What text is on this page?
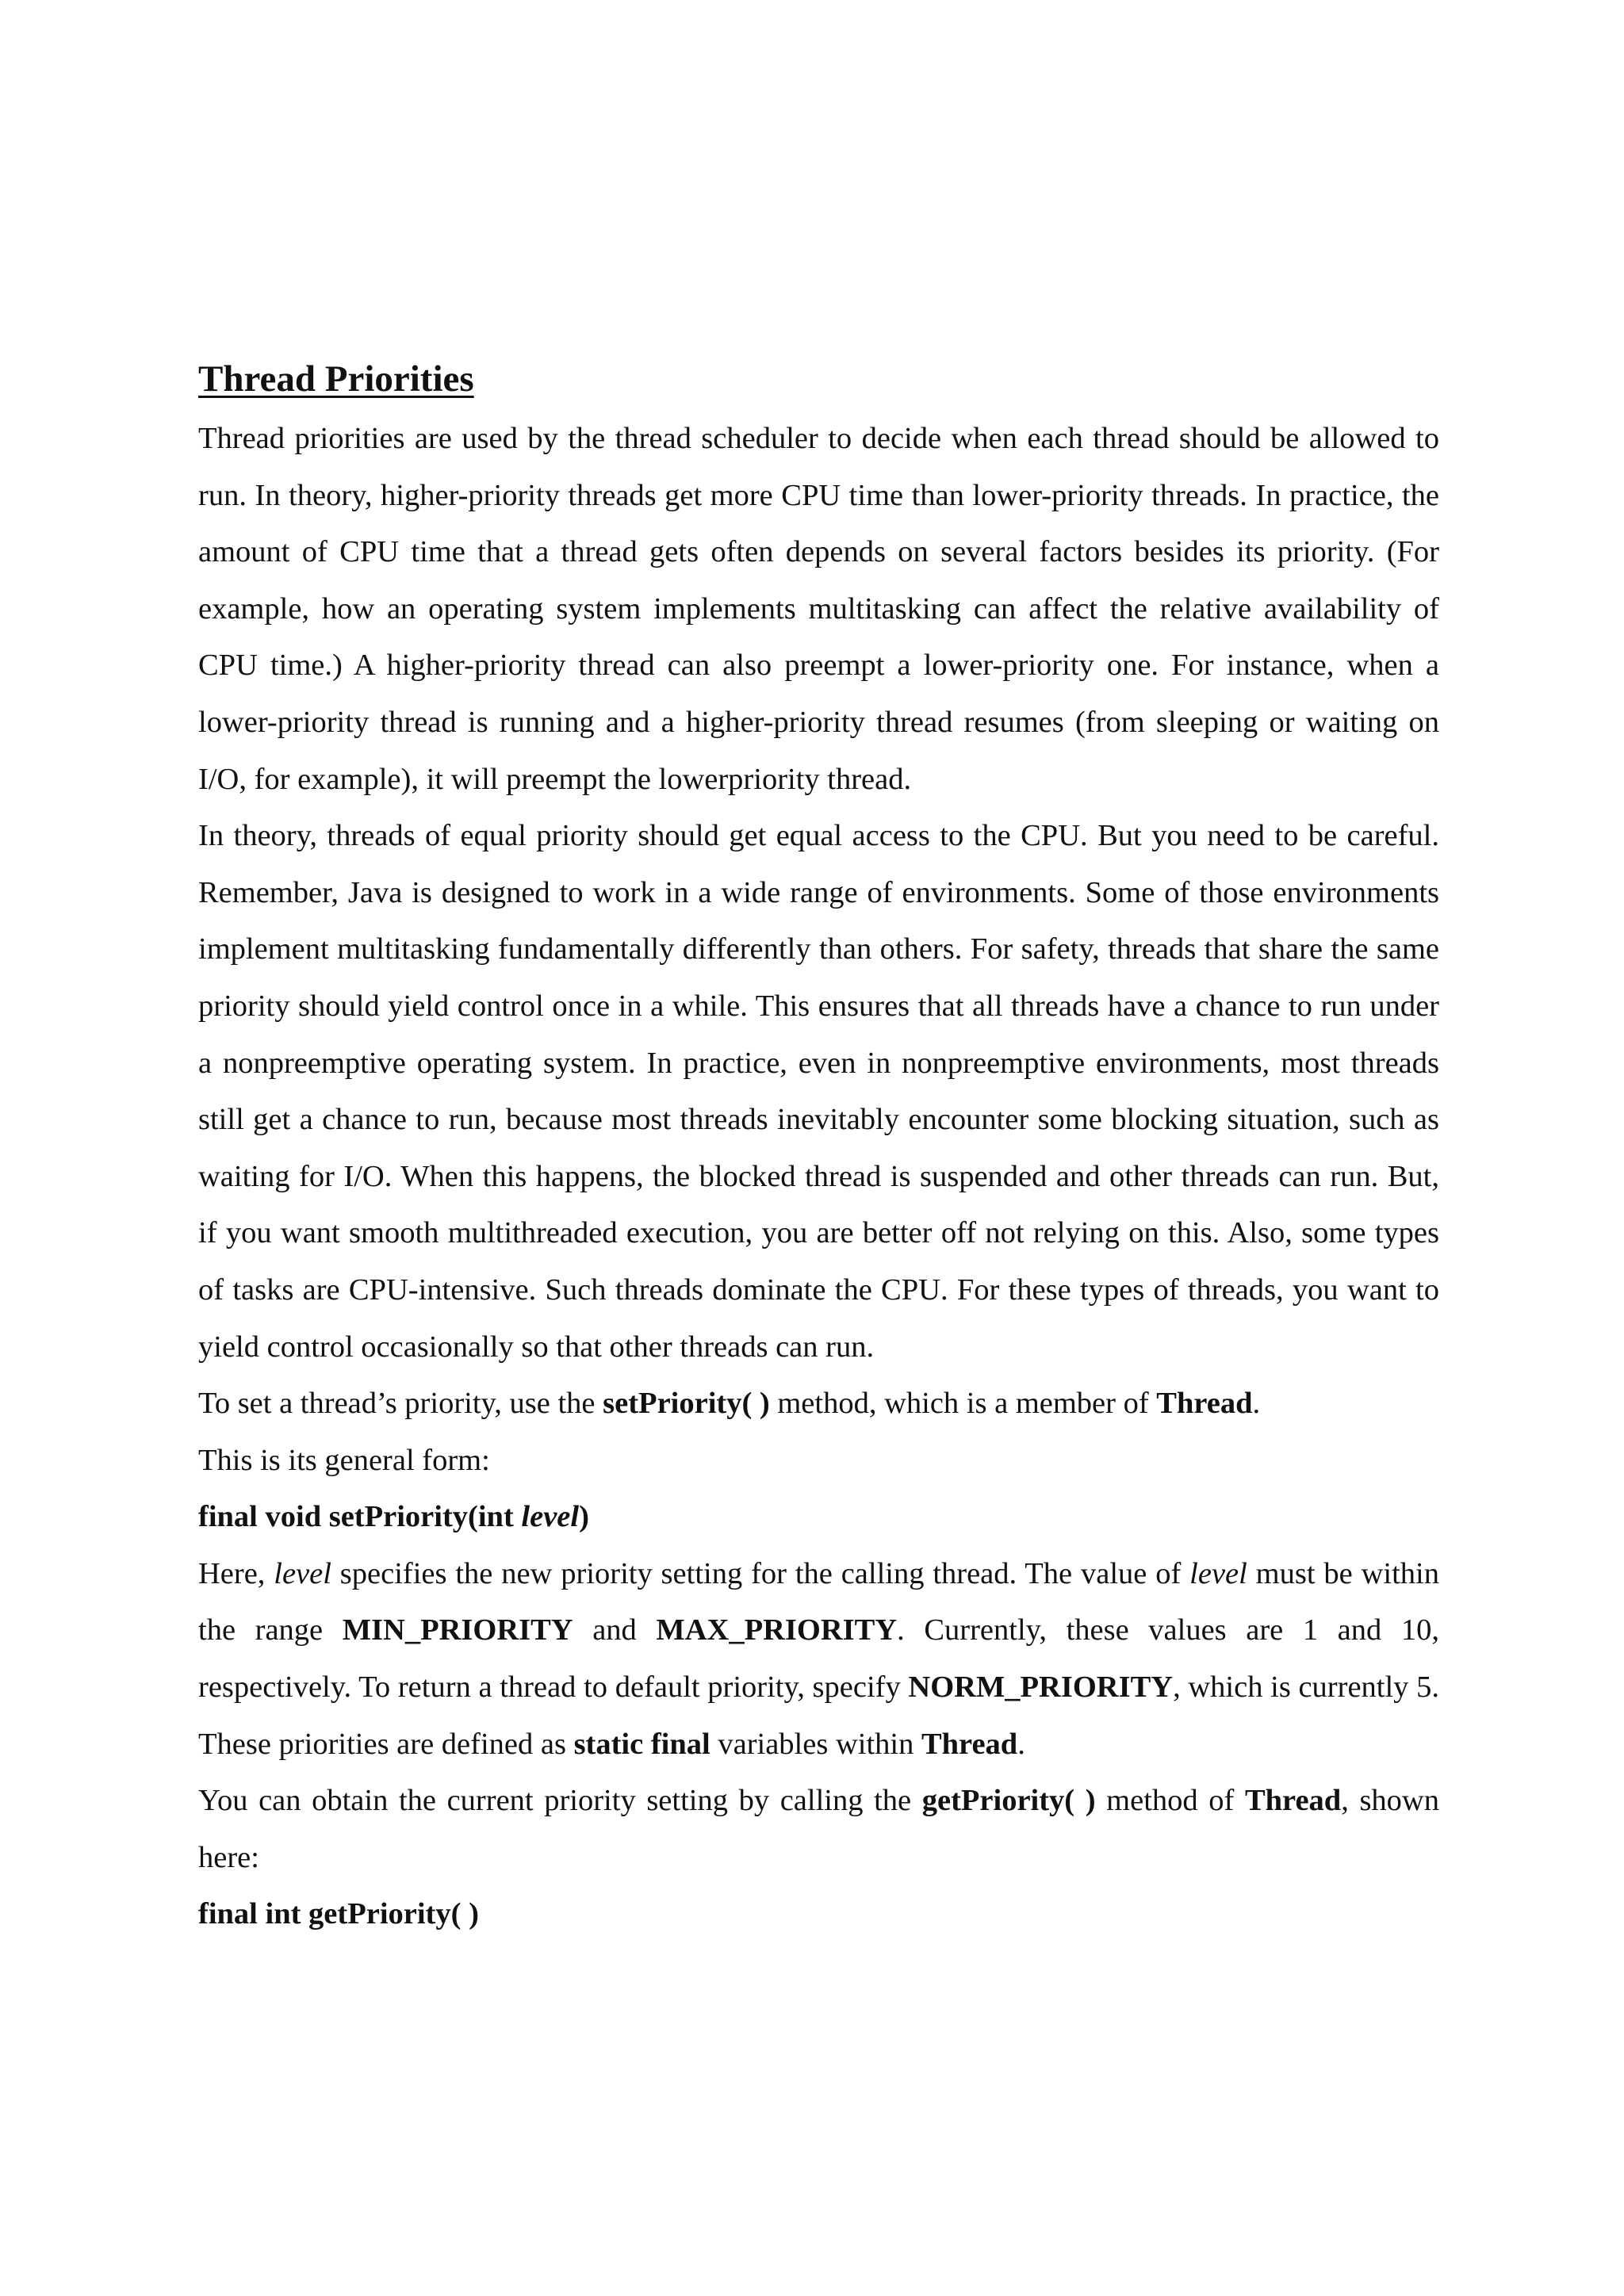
Thread Priorities

Thread priorities are used by the thread scheduler to decide when each thread should be allowed to run. In theory, higher-priority threads get more CPU time than lower-priority threads. In practice, the amount of CPU time that a thread gets often depends on several factors besides its priority. (For example, how an operating system implements multitasking can affect the relative availability of CPU time.) A higher-priority thread can also preempt a lower-priority one. For instance, when a lower-priority thread is running and a higher-priority thread resumes (from sleeping or waiting on I/O, for example), it will preempt the lowerpriority thread.

In theory, threads of equal priority should get equal access to the CPU. But you need to be careful. Remember, Java is designed to work in a wide range of environments. Some of those environments implement multitasking fundamentally differently than others. For safety, threads that share the same priority should yield control once in a while. This ensures that all threads have a chance to run under a nonpreemptive operating system. In practice, even in nonpreemptive environments, most threads still get a chance to run, because most threads inevitably encounter some blocking situation, such as waiting for I/O. When this happens, the blocked thread is suspended and other threads can run. But, if you want smooth multithreaded execution, you are better off not relying on this. Also, some types of tasks are CPU-intensive. Such threads dominate the CPU. For these types of threads, you want to yield control occasionally so that other threads can run.

To set a thread’s priority, use the setPriority( ) method, which is a member of Thread.

This is its general form:

final void setPriority(int level)

Here, level specifies the new priority setting for the calling thread. The value of level must be within the range MIN_PRIORITY and MAX_PRIORITY. Currently, these values are 1 and 10, respectively. To return a thread to default priority, specify NORM_PRIORITY, which is currently 5. These priorities are defined as static final variables within Thread.

You can obtain the current priority setting by calling the getPriority( ) method of Thread, shown here:

final int getPriority( )
